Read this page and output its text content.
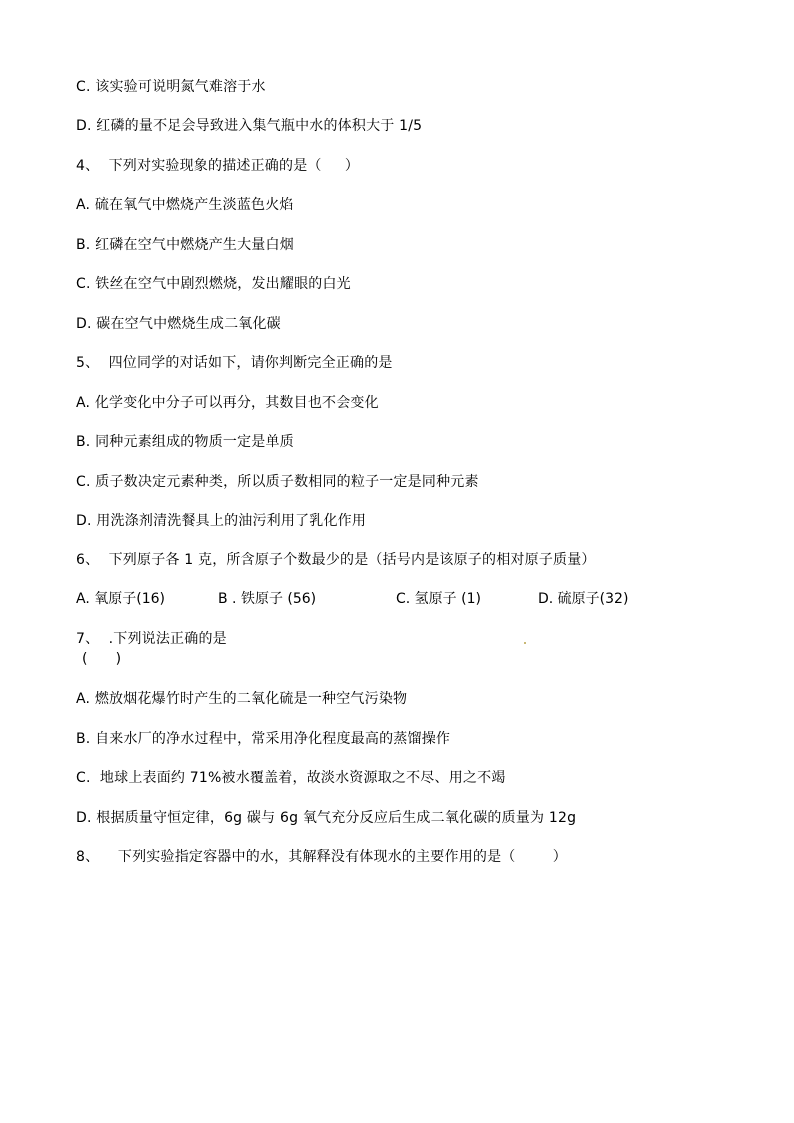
C. 该实验可说明氮气难溶于水
D. 红磷的量不足会导致进入集气瓶中水的体积大于 1/5
4、  下列对实验现象的描述正确的是（     ）
A. 硫在氧气中燃烧产生淡蓝色火焰
B. 红磷在空气中燃烧产生大量白烟
C. 铁丝在空气中剧烈燃烧，发出耀眼的白光
D. 碳在空气中燃烧生成二氧化碳
5、  四位同学的对话如下，请你判断完全正确的是
A. 化学变化中分子可以再分，其数目也不会变化
B. 同种元素组成的物质一定是单质
C. 质子数决定元素种类，所以质子数相同的粒子一定是同种元素
D. 用洗涤剂清洗餐具上的油污利用了乳化作用
6、  下列原子各 1 克，所含原子个数最少的是（括号内是该原子的相对原子质量）

A. 氧原子(16)

	B . 铁原子 (56)

	C. 氢原子 (1)

	D. 硫原子(32)

7、  .下列说法正确的是
(      )
A. 燃放烟花爆竹时产生的二氧化硫是一种空气污染物
B. 自来水厂的净水过程中，常采用净化程度最高的蒸馏操作
C.  地球上表面约 71%被水覆盖着，故淡水资源取之不尽、用之不竭
D. 根据质量守恒定律，6g 碳与 6g 氧气充分反应后生成二氧化碳的质量为 12g
8、    下列实验指定容器中的水，其解释没有体现水的主要作用的是（        ）
